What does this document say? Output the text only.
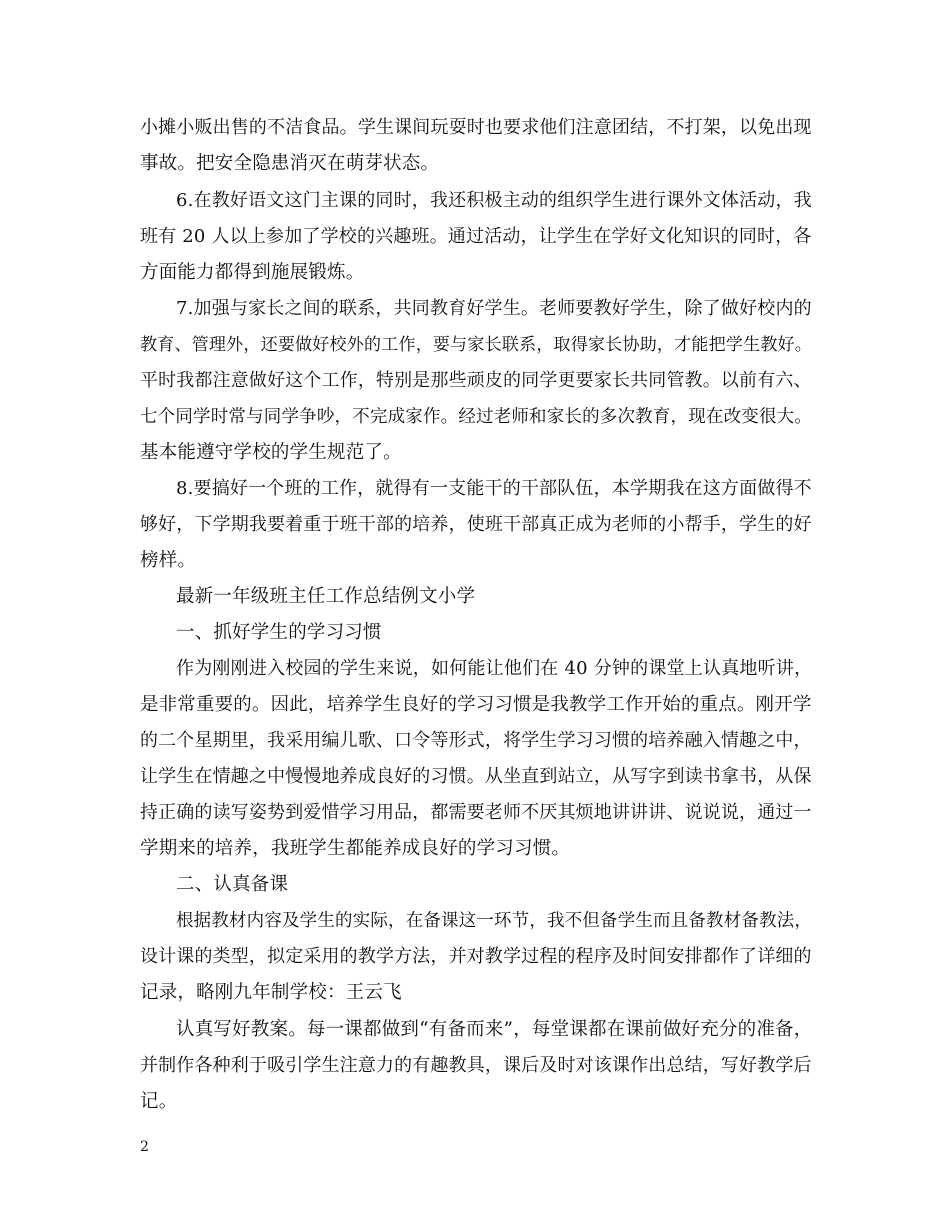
小摊小贩出售的不洁食品。学生课间玩耍时也要求他们注意团结，不打架，以免出现
事故。把安全隐患消灭在萌芽状态。
6.在教好语文这门主课的同时，我还积极主动的组织学生进行课外文体活动，我
班有 20 人以上参加了学校的兴趣班。通过活动，让学生在学好文化知识的同时，各
方面能力都得到施展锻炼。
7.加强与家长之间的联系，共同教育好学生。老师要教好学生，除了做好校内的
教育、管理外，还要做好校外的工作，要与家长联系，取得家长协助，才能把学生教好。
平时我都注意做好这个工作，特别是那些顽皮的同学更要家长共同管教。以前有六、
七个同学时常与同学争吵，不完成家作。经过老师和家长的多次教育，现在改变很大。
基本能遵守学校的学生规范了。
8.要搞好一个班的工作，就得有一支能干的干部队伍，本学期我在这方面做得不
够好，下学期我要着重于班干部的培养，使班干部真正成为老师的小帮手，学生的好
榜样。
最新一年级班主任工作总结例文小学
一、抓好学生的学习习惯
作为刚刚进入校园的学生来说，如何能让他们在 40 分钟的课堂上认真地听讲，
是非常重要的。因此，培养学生良好的学习习惯是我教学工作开始的重点。刚开学
的二个星期里，我采用编儿歌、口令等形式，将学生学习习惯的培养融入情趣之中，
让学生在情趣之中慢慢地养成良好的习惯。从坐直到站立，从写字到读书拿书，从保
持正确的读写姿势到爱惜学习用品，都需要老师不厌其烦地讲讲讲、说说说，通过一
学期来的培养，我班学生都能养成良好的学习习惯。
二、认真备课
根据教材内容及学生的实际，在备课这一环节，我不但备学生而且备教材备教法，
设计课的类型，拟定采用的教学方法，并对教学过程的程序及时间安排都作了详细的
记录，略刚九年制学校：王云飞
认真写好教案。每一课都做到“有备而来”，每堂课都在课前做好充分的准备，
并制作各种利于吸引学生注意力的有趣教具，课后及时对该课作出总结，写好教学后
记。
2
